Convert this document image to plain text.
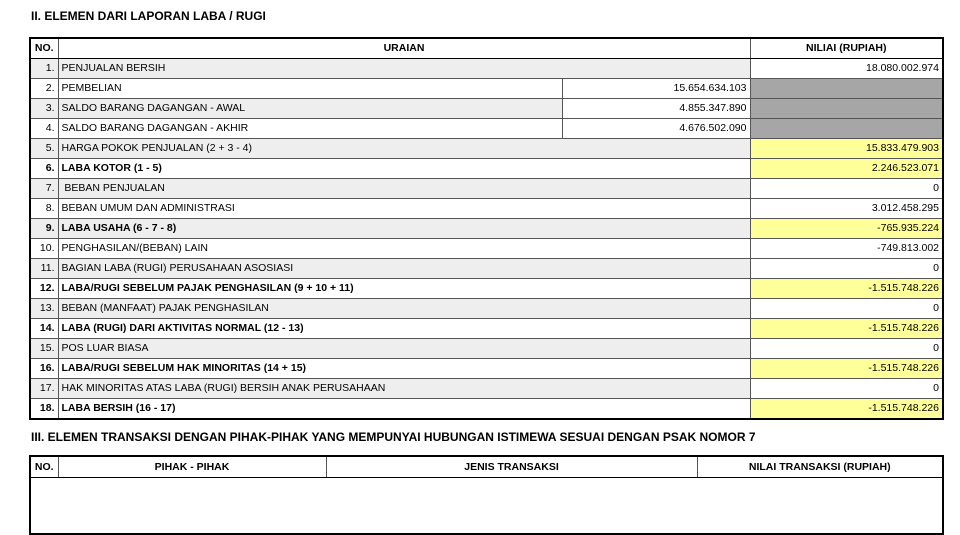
II. ELEMEN DARI LAPORAN LABA / RUGI
NO.	URAIAN		NILIAI (RUPIAH)
1.	PENJUALAN BERSIH		18.080.002.974
2.	PEMBELIAN	15.654.634.103	
3.	SALDO BARANG DAGANGAN - AWAL	4.855.347.890	
4.	SALDO BARANG DAGANGAN - AKHIR	4.676.502.090	
5.	HARGA POKOK PENJUALAN (2 + 3 - 4)		15.833.479.903
6.	LABA KOTOR (1 - 5)		2.246.523.071
7.	BEBAN PENJUALAN		0
8.	BEBAN UMUM DAN ADMINISTRASI		3.012.458.295
9.	LABA USAHA (6 - 7 - 8)		-765.935.224
10.	PENGHASILAN/(BEBAN) LAIN		-749.813.002
11.	BAGIAN LABA (RUGI) PERUSAHAAN ASOSIASI		0
12.	LABA/RUGI SEBELUM PAJAK PENGHASILAN (9 + 10 + 11)		-1.515.748.226
13.	BEBAN (MANFAAT) PAJAK PENGHASILAN		0
14.	LABA (RUGI) DARI AKTIVITAS NORMAL (12 - 13)		-1.515.748.226
15.	POS LUAR BIASA		0
16.	LABA/RUGI SEBELUM HAK MINORITAS (14 + 15)		-1.515.748.226
17.	HAK MINORITAS ATAS LABA (RUGI) BERSIH ANAK PERUSAHAAN		0
18.	LABA BERSIH (16 - 17)		-1.515.748.226
III. ELEMEN TRANSAKSI DENGAN PIHAK-PIHAK YANG MEMPUNYAI HUBUNGAN ISTIMEWA SESUAI DENGAN PSAK NOMOR 7
NO.	PIHAK - PIHAK	JENIS TRANSAKSI	NILAI TRANSAKSI (RUPIAH)
